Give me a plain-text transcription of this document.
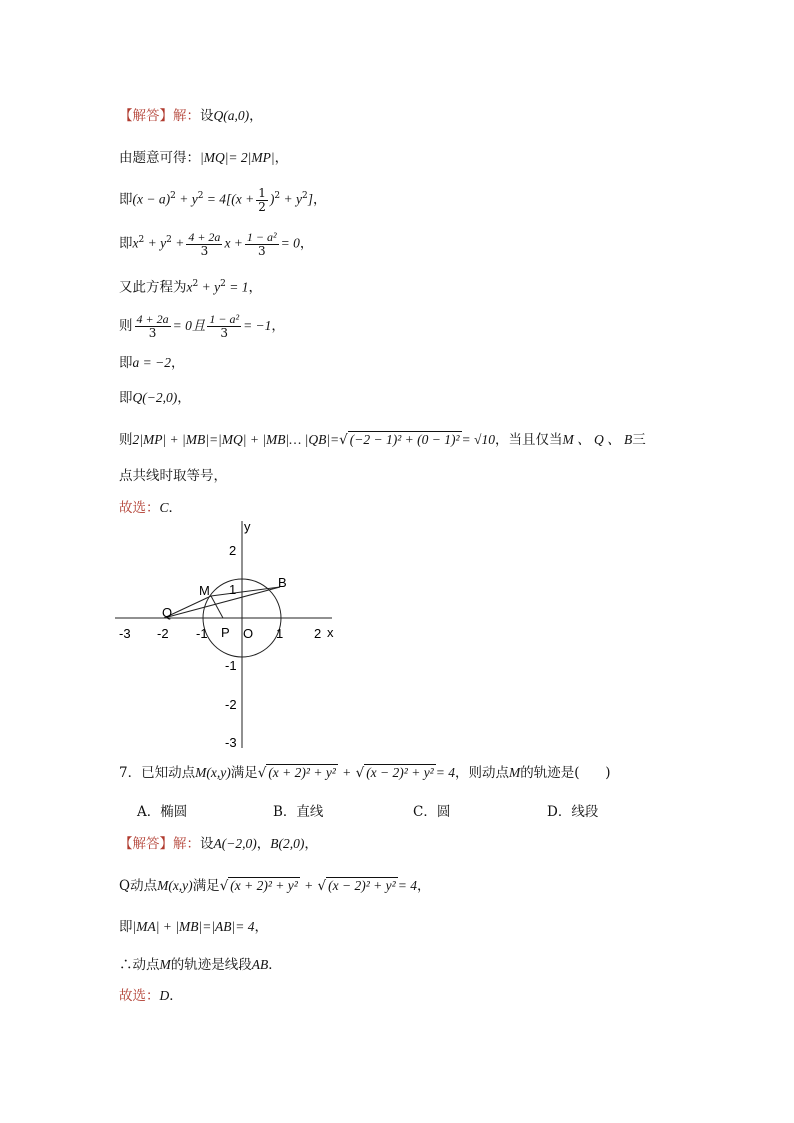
【解答】解：设Q(a,0)，
由题意可得：|MQ|= 2|MP|，
即$(x - a)^2 + y^2 = 4[(x + \frac{1}{2} )^2 + y^2]$，
即$x^2 + y^2 + \frac{4 + 2a}{3}$ $x + \frac{\text{1 − a²}}{3} = 0$，
又此方程为$x^2 + y^2 = 1$，
则 $\frac{4 + 2a}{3} = 0$且 $\frac{\text{1 − a²}}{3} = -1$，
即a = −2，
即Q(−2,0)，
则2|MP| + |MB|=|MQ| + |MB|… |QB|=√ (−2 − 1)² + (0 − 1)² = √10，当且仅当M 、 Q 、 B三
点共线时取等号，
故选：C．
y
x
-3 -2 -1	O 1 2
2
1
-1
-2
-3
Q
M
P
B
7．已知动点M(x,y)满足√ (x + 2)² + y² + √ (x − 2)² + y² = 4，则动点M的轨迹是( )
A．椭圆	B．直线	C．圆	D．线段
【解答】解：设A(−2,0)，B(2,0)，
Q动点M(x,y)满足√ (x + 2)² + y² + √ (x − 2)² + y² = 4，
即|MA| + |MB|=|AB|= 4，
∴动点M的轨迹是线段AB．
故选：D．
